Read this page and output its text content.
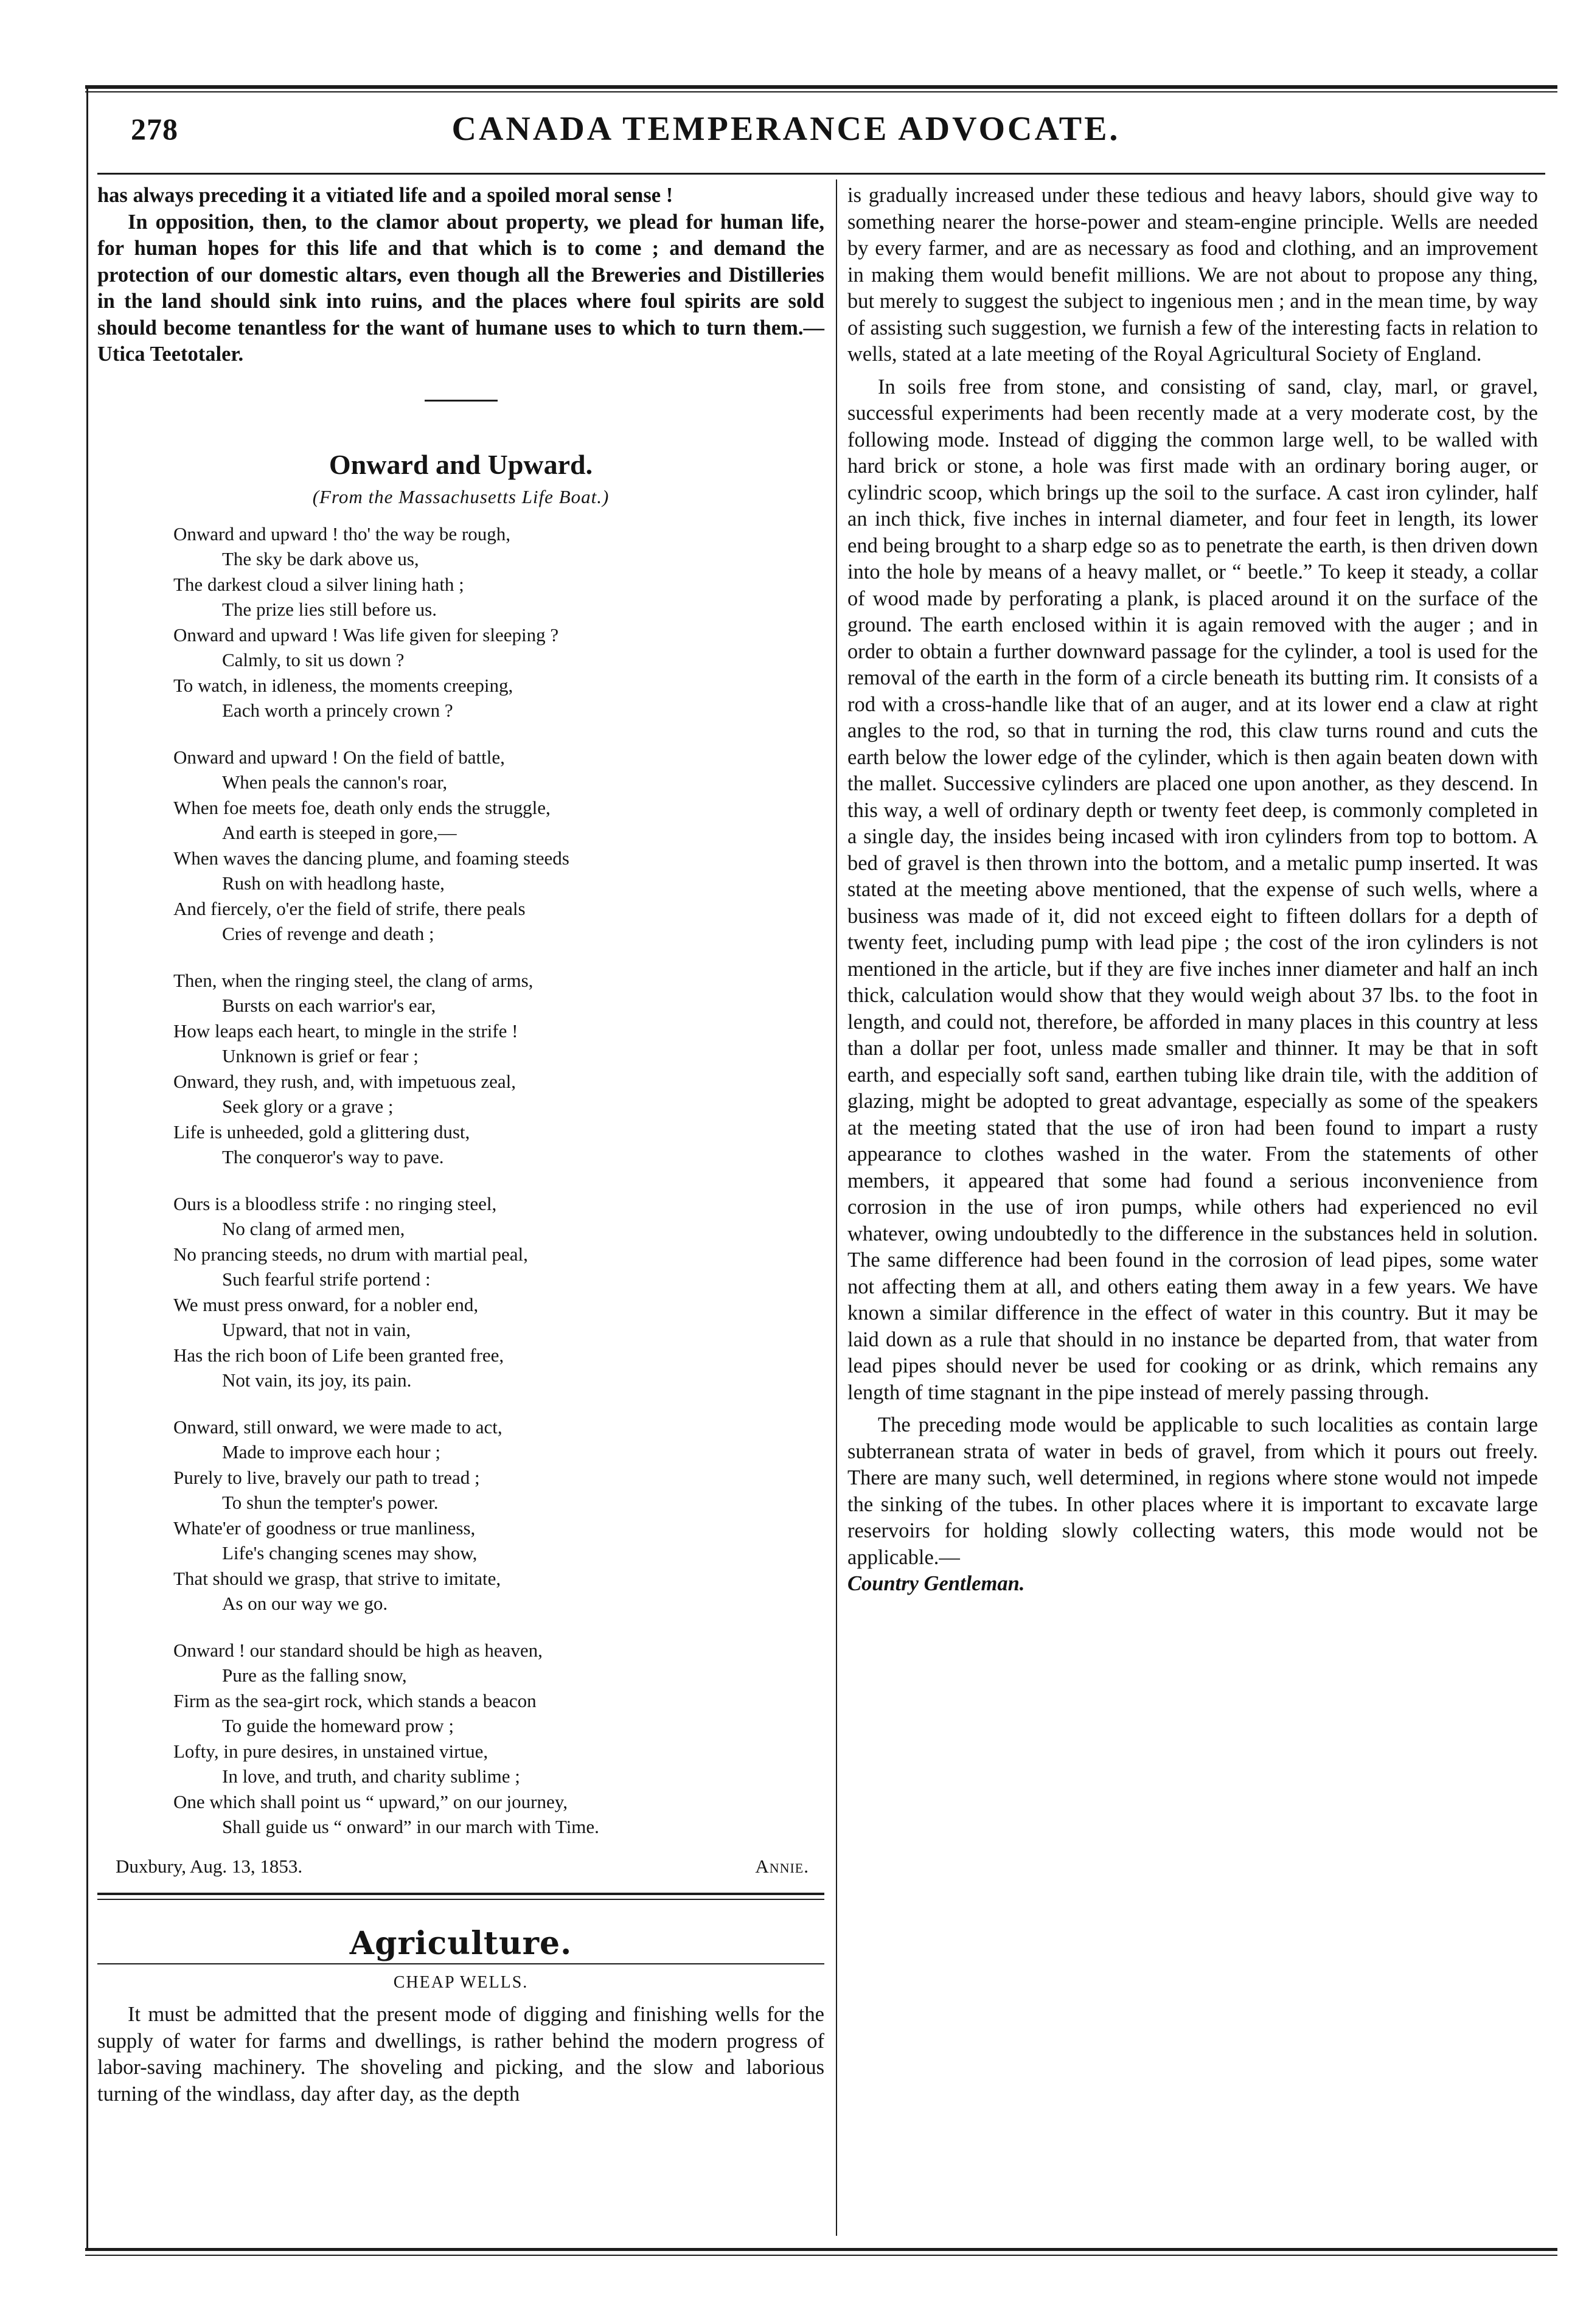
278	CANADA TEMPERANCE ADVOCATE.

has always preceding it a vitiated life and a spoiled moral sense !

In opposition, then, to the clamor about property, we plead for human life, for human hopes for this life and that which is to come ; and demand the protection of our domestic altars, even though all the Breweries and Distilleries in the land should sink into ruins, and the places where foul spirits are sold should become tenantless for the want of humane uses to which to turn them.—Utica Teetotaler.

Onward and Upward.
(From the Massachusetts Life Boat.)
Onward and upward ! tho' the way be rough,
The sky be dark above us,
The darkest cloud a silver lining hath ;
The prize lies still before us.
Onward and upward ! Was life given for sleeping ?
Calmly, to sit us down ?
To watch, in idleness, the moments creeping,
Each worth a princely crown ?
Onward and upward ! On the field of battle,
When peals the cannon's roar,
When foe meets foe, death only ends the struggle,
And earth is steeped in gore,—
When waves the dancing plume, and foaming steeds
Rush on with headlong haste,
And fiercely, o'er the field of strife, there peals
Cries of revenge and death ;
Then, when the ringing steel, the clang of arms,
Bursts on each warrior's ear,
How leaps each heart, to mingle in the strife !
Unknown is grief or fear ;
Onward, they rush, and, with impetuous zeal,
Seek glory or a grave ;
Life is unheeded, gold a glittering dust,
The conqueror's way to pave.
Ours is a bloodless strife : no ringing steel,
No clang of armed men,
No prancing steeds, no drum with martial peal,
Such fearful strife portend :
We must press onward, for a nobler end,
Upward, that not in vain,
Has the rich boon of Life been granted free,
Not vain, its joy, its pain.
Onward, still onward, we were made to act,
Made to improve each hour ;
Purely to live, bravely our path to tread ;
To shun the tempter's power.
Whate'er of goodness or true manliness,
Life's changing scenes may show,
That should we grasp, that strive to imitate,
As on our way we go.
Onward ! our standard should be high as heaven,
Pure as the falling snow,
Firm as the sea-girt rock, which stands a beacon
To guide the homeward prow ;
Lofty, in pure desires, in unstained virtue,
In love, and truth, and charity sublime ;
One which shall point us “ upward,” on our journey,
Shall guide us “ onward” in our march with Time.
Duxbury, Aug. 13, 1853.	Annie.
Agriculture.
CHEAP WELLS.

It must be admitted that the present mode of digging and finishing wells for the supply of water for farms and dwellings, is rather behind the modern progress of labor-saving machinery. The shoveling and picking, and the slow and laborious turning of the windlass, day after day, as the depth

is gradually increased under these tedious and heavy labors, should give way to something nearer the horse-power and steam-engine principle. Wells are needed by every farmer, and are as necessary as food and clothing, and an improvement in making them would benefit millions. We are not about to propose any thing, but merely to suggest the subject to ingenious men ; and in the mean time, by way of assisting such suggestion, we furnish a few of the interesting facts in relation to wells, stated at a late meeting of the Royal Agricultural Society of England.

In soils free from stone, and consisting of sand, clay, marl, or gravel, successful experiments had been recently made at a very moderate cost, by the following mode. Instead of digging the common large well, to be walled with hard brick or stone, a hole was first made with an ordinary boring auger, or cylindric scoop, which brings up the soil to the surface. A cast iron cylinder, half an inch thick, five inches in internal diameter, and four feet in length, its lower end being brought to a sharp edge so as to penetrate the earth, is then driven down into the hole by means of a heavy mallet, or “ beetle.” To keep it steady, a collar of wood made by perforating a plank, is placed around it on the surface of the ground. The earth enclosed within it is again removed with the auger ; and in order to obtain a further downward passage for the cylinder, a tool is used for the removal of the earth in the form of a circle beneath its butting rim. It consists of a rod with a cross-handle like that of an auger, and at its lower end a claw at right angles to the rod, so that in turning the rod, this claw turns round and cuts the earth below the lower edge of the cylinder, which is then again beaten down with the mallet. Successive cylinders are placed one upon another, as they descend. In this way, a well of ordinary depth or twenty feet deep, is commonly completed in a single day, the insides being incased with iron cylinders from top to bottom. A bed of gravel is then thrown into the bottom, and a metalic pump inserted. It was stated at the meeting above mentioned, that the expense of such wells, where a business was made of it, did not exceed eight to fifteen dollars for a depth of twenty feet, including pump with lead pipe ; the cost of the iron cylinders is not mentioned in the article, but if they are five inches inner diameter and half an inch thick, calculation would show that they would weigh about 37 lbs. to the foot in length, and could not, therefore, be afforded in many places in this country at less than a dollar per foot, unless made smaller and thinner. It may be that in soft earth, and especially soft sand, earthen tubing like drain tile, with the addition of glazing, might be adopted to great advantage, especially as some of the speakers at the meeting stated that the use of iron had been found to impart a rusty appearance to clothes washed in the water. From the statements of other members, it appeared that some had found a serious inconvenience from corrosion in the use of iron pumps, while others had experienced no evil whatever, owing undoubtedly to the difference in the substances held in solution. The same difference had been found in the corrosion of lead pipes, some water not affecting them at all, and others eating them away in a few years. We have known a similar difference in the effect of water in this country. But it may be laid down as a rule that should in no instance be departed from, that water from lead pipes should never be used for cooking or as drink, which remains any length of time stagnant in the pipe instead of merely passing through.

The preceding mode would be applicable to such localities as contain large subterranean strata of water in beds of gravel, from which it pours out freely. There are many such, well determined, in regions where stone would not impede the sinking of the tubes. In other places where it is important to excavate large reservoirs for holding slowly collecting waters, this mode would not be applicable.—

Country Gentleman.
